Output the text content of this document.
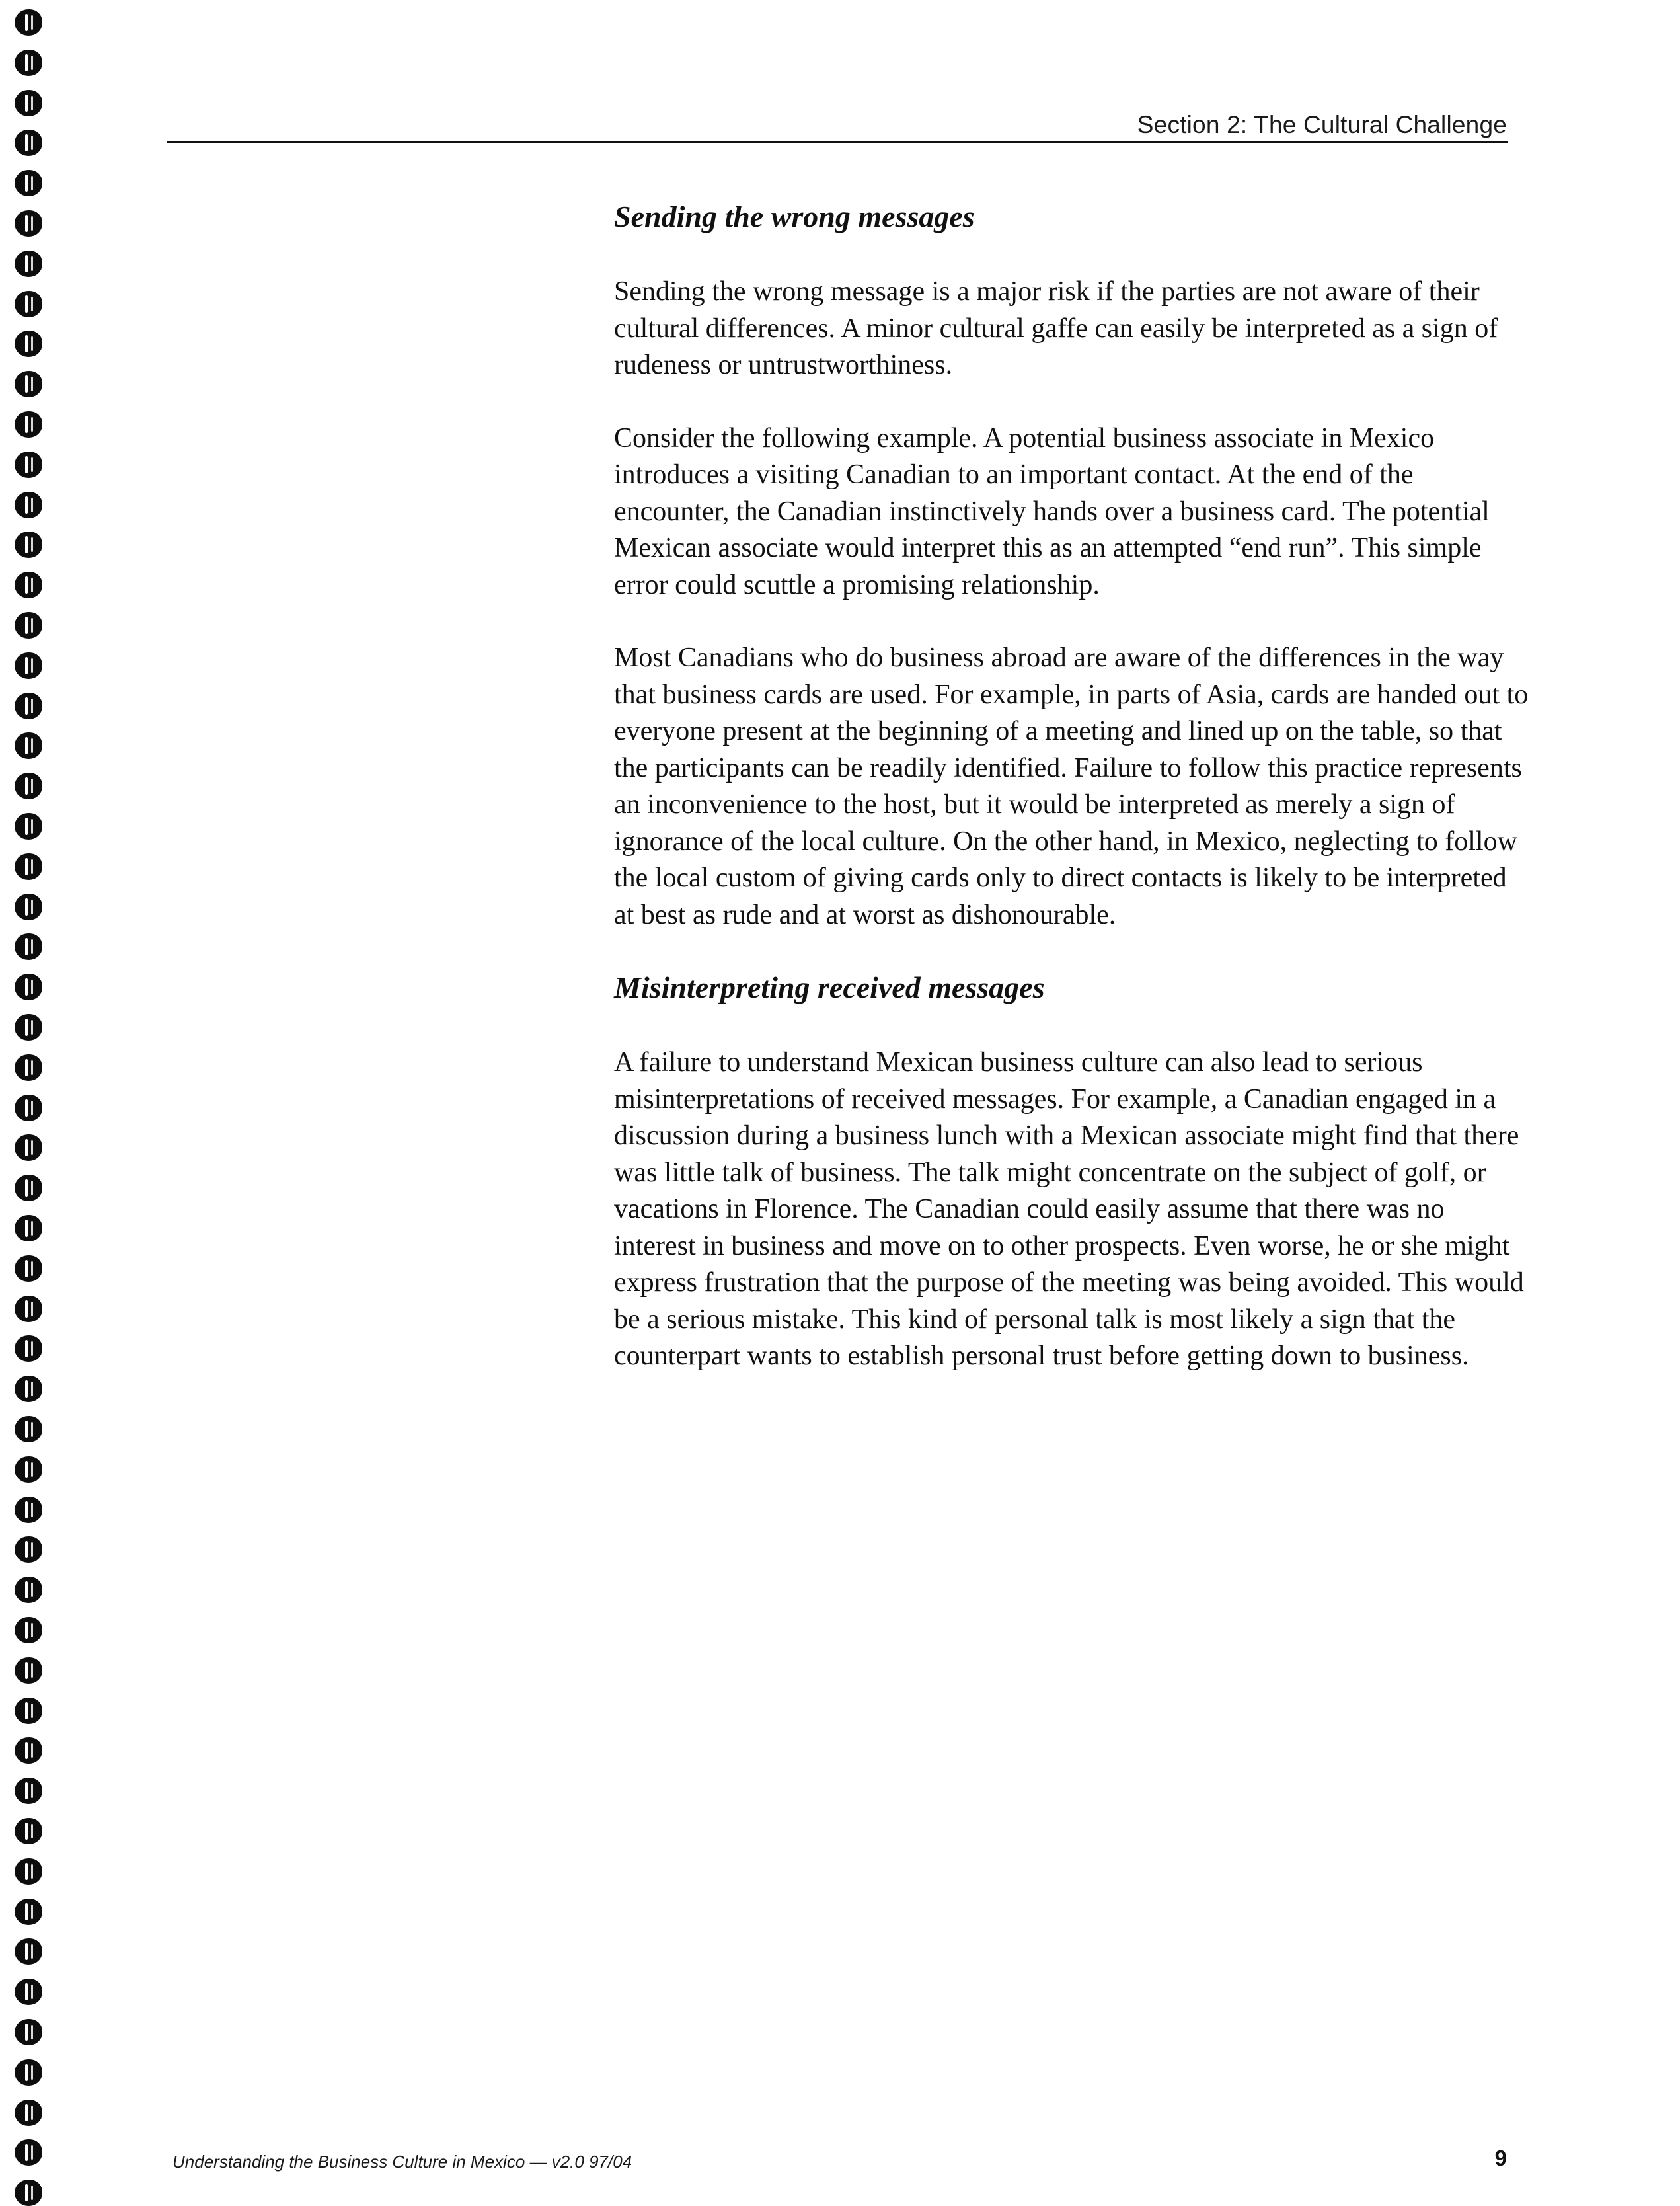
Section 2: The Cultural Challenge
Sending the wrong messages

Sending the wrong message is a major risk if the parties are not aware of their cultural differences. A minor cultural gaffe can easily be interpreted as a sign of rudeness or untrustworthiness.

Consider the following example. A potential business associate in Mexico introduces a visiting Canadian to an important contact. At the end of the encounter, the Canadian instinctively hands over a business card. The potential Mexican associate would interpret this as an attempted “end run”. This simple error could scuttle a promising relationship.

Most Canadians who do business abroad are aware of the differences in the way that business cards are used. For example, in parts of Asia, cards are handed out to everyone present at the beginning of a meeting and lined up on the table, so that the participants can be readily identified. Failure to follow this practice represents an inconvenience to the host, but it would be interpreted as merely a sign of ignorance of the local culture. On the other hand, in Mexico, neglecting to follow the local custom of giving cards only to direct contacts is likely to be interpreted at best as rude and at worst as dishonourable.

Misinterpreting received messages

A failure to understand Mexican business culture can also lead to serious misinterpretations of received messages. For example, a Canadian engaged in a discussion during a business lunch with a Mexican associate might find that there was little talk of business. The talk might concentrate on the subject of golf, or vacations in Florence. The Canadian could easily assume that there was no interest in business and move on to other prospects. Even worse, he or she might express frustration that the purpose of the meeting was being avoided. This would be a serious mistake. This kind of personal talk is most likely a sign that the counterpart wants to establish personal trust before getting down to business.

Understanding the Business Culture in Mexico — v2.0 97/04	9
